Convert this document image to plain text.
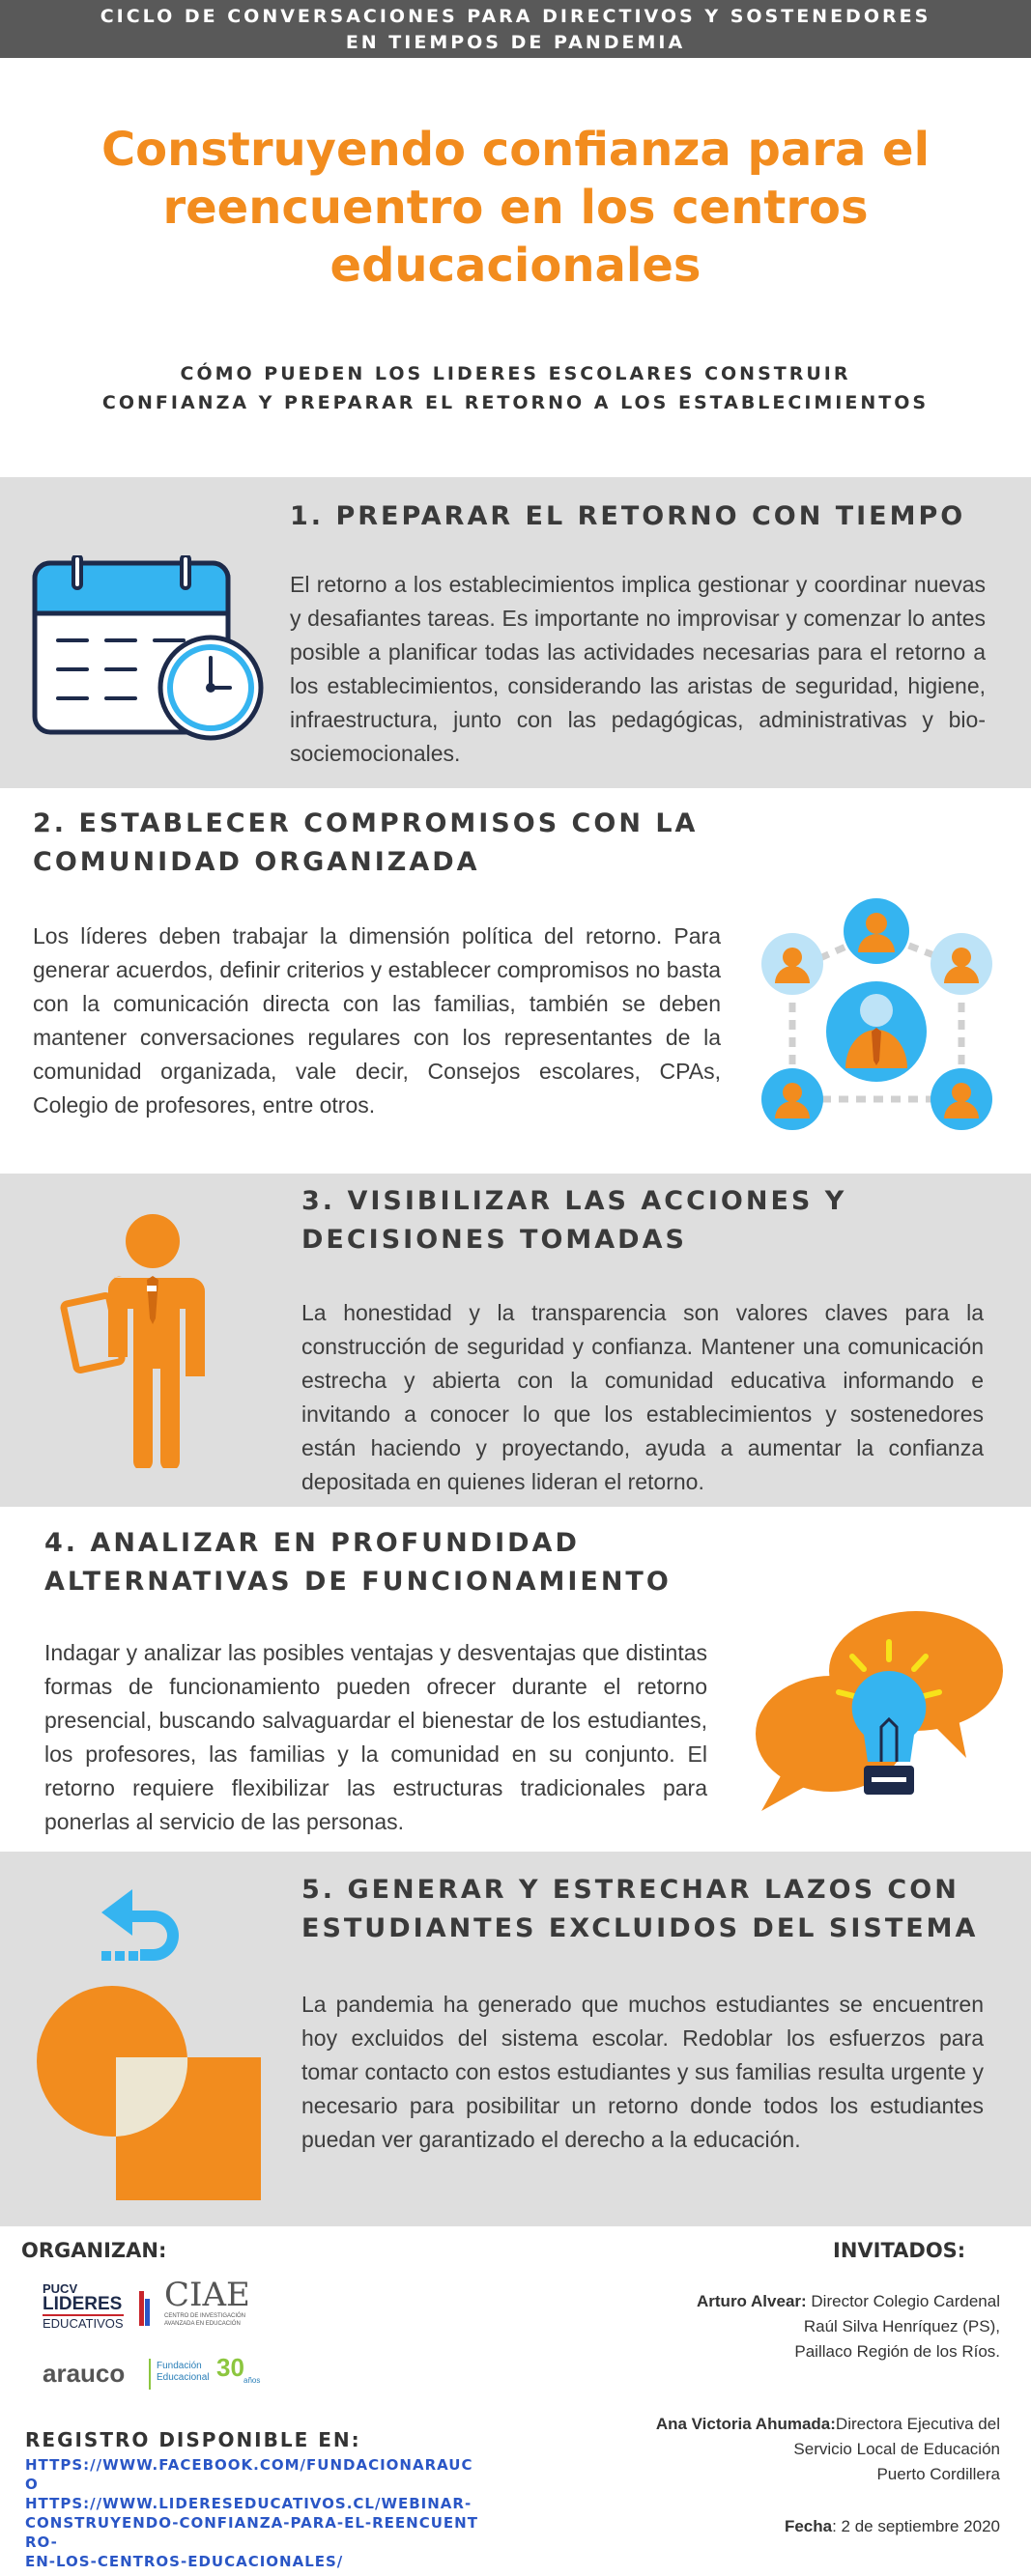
CICLO DE CONVERSACIONES PARA DIRECTIVOS Y SOSTENEDORES
EN TIEMPOS DE PANDEMIA
Construyendo confianza para el
reencuentro en los centros
educacionales
CÓMO PUEDEN LOS LIDERES ESCOLARES CONSTRUIR
CONFIANZA Y PREPARAR EL RETORNO A LOS ESTABLECIMIENTOS
1. PREPARAR EL RETORNO CON TIEMPO
El retorno a los establecimientos implica gestionar y coordinar nuevas y desafiantes tareas. Es importante no improvisar y comenzar lo antes posible a planificar todas las actividades necesarias para el retorno a los establecimientos, considerando las aristas de seguridad, higiene, infraestructura, junto con las pedagógicas, administrativas y bio-sociemocionales.
2. ESTABLECER COMPROMISOS CON LA
COMUNIDAD ORGANIZADA
Los líderes deben trabajar la dimensión política del retorno. Para generar acuerdos, definir criterios y establecer compromisos no basta con la comunicación directa con las familias, también se deben mantener conversaciones regulares con los representantes de la comunidad organizada, vale decir, Consejos escolares, CPAs, Colegio de profesores, entre otros.
3. VISIBILIZAR LAS ACCIONES Y
DECISIONES TOMADAS
La honestidad y la transparencia son valores claves para la construcción de seguridad y confianza. Mantener una comunicación estrecha y abierta con la comunidad educativa informando e invitando a conocer lo que los establecimientos y sostenedores están haciendo y proyectando, ayuda a aumentar la confianza depositada en quienes lideran el retorno.
4. ANALIZAR EN PROFUNDIDAD
ALTERNATIVAS DE FUNCIONAMIENTO
Indagar y analizar las posibles ventajas y desventajas que distintas formas de funcionamiento pueden ofrecer durante el retorno presencial, buscando salvaguardar el bienestar de los estudiantes, los profesores, las familias y la comunidad en su conjunto. El retorno requiere flexibilizar las estructuras tradicionales para ponerlas al servicio de las personas.
5. GENERAR Y ESTRECHAR LAZOS CON
ESTUDIANTES EXCLUIDOS DEL SISTEMA
La pandemia ha generado que muchos estudiantes se encuentren hoy excluidos del sistema escolar. Redoblar los esfuerzos para tomar contacto con estos estudiantes y sus familias resulta urgente y necesario para posibilitar un retorno donde todos los estudiantes puedan ver garantizado el derecho a la educación.
ORGANIZAN:	INVITADOS:
PUCV
LIDERES
EDUCATIVOS
CIAE
CENTRO DE INVESTIGACIÓN
AVANZADA EN EDUCACIÓN
arauco	Fundación
Educacional 30 años
REGISTRO DISPONIBLE EN:
HTTPS://WWW.FACEBOOK.COM/FUNDACIONARAUCO
HTTPS://WWW.LIDERESEDUCATIVOS.CL/WEBINAR-
CONSTRUYENDO-CONFIANZA-PARA-EL-REENCUENTRO-
EN-LOS-CENTROS-EDUCACIONALES/
Arturo Alvear: Director Colegio Cardenal
Raúl Silva Henríquez (PS),
Paillaco Región de los Ríos.
Ana Victoria Ahumada:Directora Ejecutiva del
Servicio Local de Educación
Puerto Cordillera
Fecha: 2 de septiembre 2020
